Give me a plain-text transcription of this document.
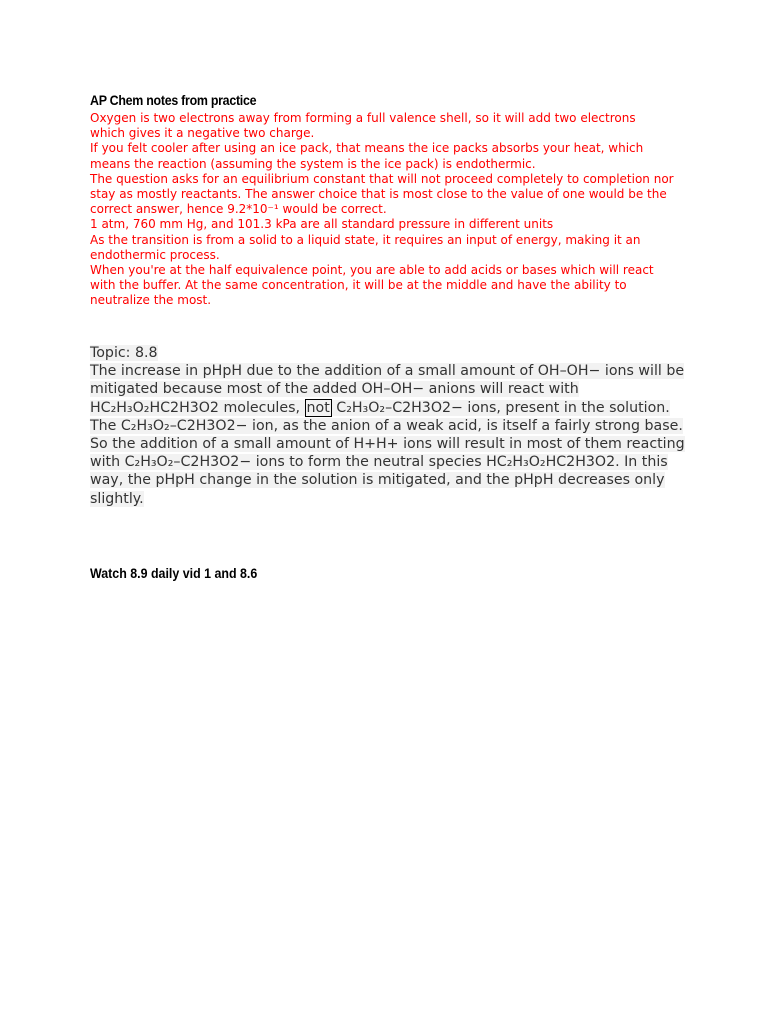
AP Chem notes from practice

Oxygen is two electrons away from forming a full valence shell, so it will add two electrons
which gives it a negative two charge.

If you felt cooler after using an ice pack, that means the ice packs absorbs your heat, which
means the reaction (assuming the system is the ice pack) is endothermic.

The question asks for an equilibrium constant that will not proceed completely to completion nor
stay as mostly reactants. The answer choice that is most close to the value of one would be the
correct answer, hence 9.2*10⁻¹ would be correct.

1 atm, 760 mm Hg, and 101.3 kPa are all standard pressure in different units

As the transition is from a solid to a liquid state, it requires an input of energy, making it an
endothermic process.

When you're at the half equivalence point, you are able to add acids or bases which will react
with the buffer. At the same concentration, it will be at the middle and have the ability to
neutralize the most.

Topic: 8.8

The increase in pHpH due to the addition of a small amount of OH–OH− ions will be mitigated because most of the added OH–OH− anions will react with HC₂H₃O₂HC2H3O2 molecules, not C₂H₃O₂–C2H3O2− ions, present in the solution.

The C₂H₃O₂–C2H3O2− ion, as the anion of a weak acid, is itself a fairly strong base. So the addition of a small amount of H+H+ ions will result in most of them reacting with C₂H₃O₂–C2H3O2− ions to form the neutral species HC₂H₃O₂HC2H3O2. In this way, the pHpH change in the solution is mitigated, and the pHpH decreases only slightly.

Watch 8.9 daily vid 1 and 8.6
